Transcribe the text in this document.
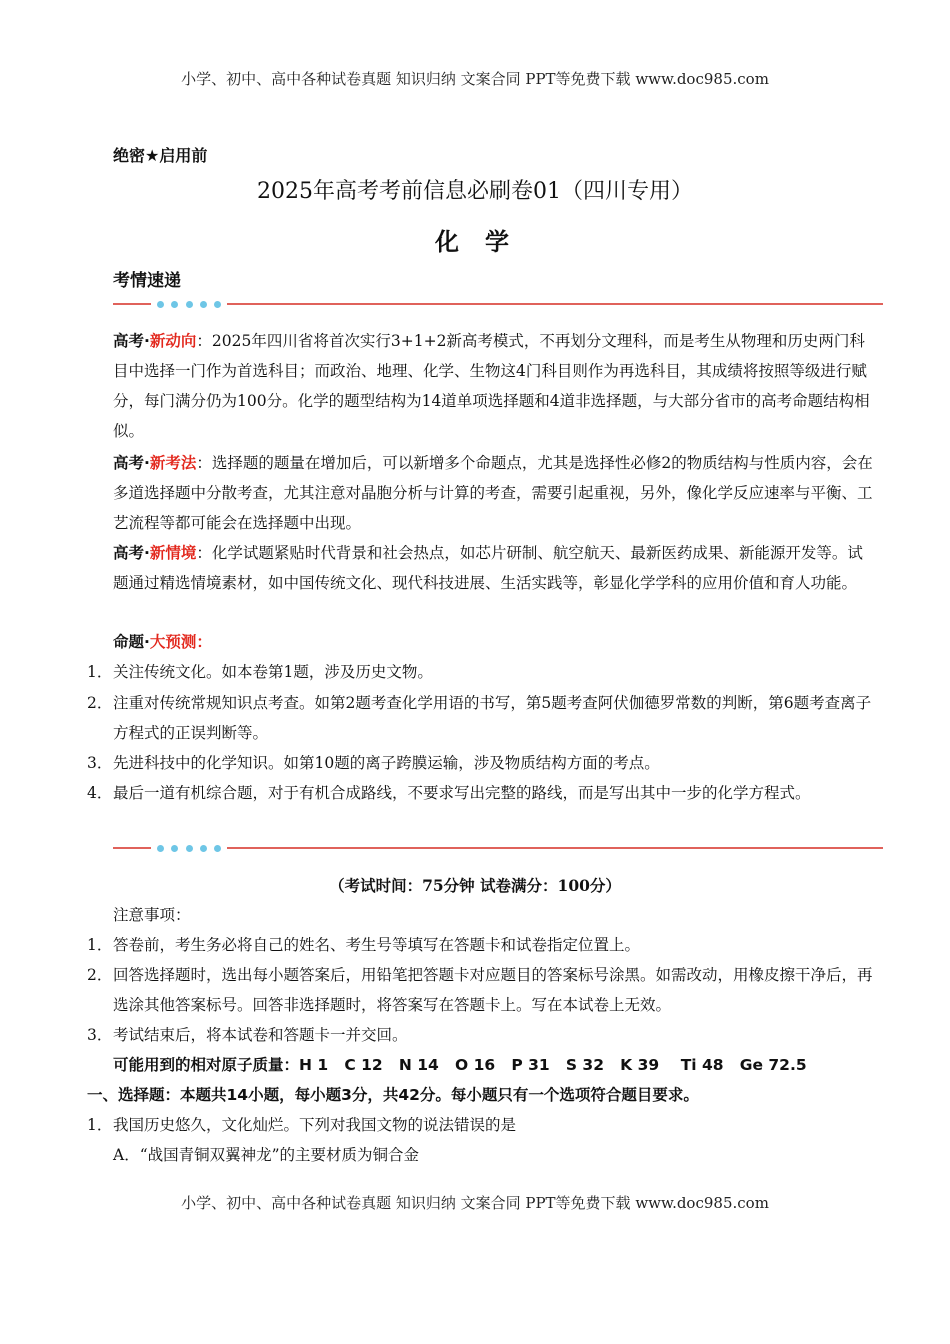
小学、初中、高中各种试卷真题 知识归纳 文案合同 PPT等免费下载 www.doc985.com
绝密★启用前
2025年高考考前信息必刷卷01（四川专用）
化学
考情速递
高考·新动向：2025年四川省将首次实行3+1+2新高考模式，不再划分文理科，而是考生从物理和历史两门科目中选择一门作为首选科目；而政治、地理、化学、生物这4门科目则作为再选科目，其成绩将按照等级进行赋分，每门满分仍为100分。化学的题型结构为14道单项选择题和4道非选择题，与大部分省市的高考命题结构相似。
高考·新考法：选择题的题量在增加后，可以新增多个命题点，尤其是选择性必修2的物质结构与性质内容，会在多道选择题中分散考查，尤其注意对晶胞分析与计算的考查，需要引起重视，另外，像化学反应速率与平衡、工艺流程等都可能会在选择题中出现。
高考·新情境：化学试题紧贴时代背景和社会热点，如芯片研制、航空航天、最新医药成果、新能源开发等。试题通过精选情境素材，如中国传统文化、现代科技进展、生活实践等，彰显化学学科的应用价值和育人功能。
命题·大预测：
1． 关注传统文化。如本卷第1题，涉及历史文物。
2． 注重对传统常规知识点考查。如第2题考查化学用语的书写，第5题考查阿伏伽德罗常数的判断，第6题考查离子方程式的正误判断等。
3． 先进科技中的化学知识。如第10题的离子跨膜运输，涉及物质结构方面的考点。
4． 最后一道有机综合题，对于有机合成路线，不要求写出完整的路线，而是写出其中一步的化学方程式。
（考试时间：75分钟 试卷满分：100分）
注意事项：
1． 答卷前，考生务必将自己的姓名、考生号等填写在答题卡和试卷指定位置上。
2． 回答选择题时，选出每小题答案后，用铅笔把答题卡对应题目的答案标号涂黑。如需改动，用橡皮擦干净后，再选涂其他答案标号。回答非选择题时，将答案写在答题卡上。写在本试卷上无效。
3． 考试结束后，将本试卷和答题卡一并交回。
可能用到的相对原子质量：H 1   C 12   N 14   O 16   P 31   S 32   K 39    Ti 48   Ge 72.5
一、选择题：本题共14小题，每小题3分，共42分。每小题只有一个选项符合题目要求。
1． 我国历史悠久，文化灿烂。下列对我国文物的说法错误的是
A．“战国青铜双翼神龙”的主要材质为铜合金
小学、初中、高中各种试卷真题 知识归纳 文案合同 PPT等免费下载 www.doc985.com
